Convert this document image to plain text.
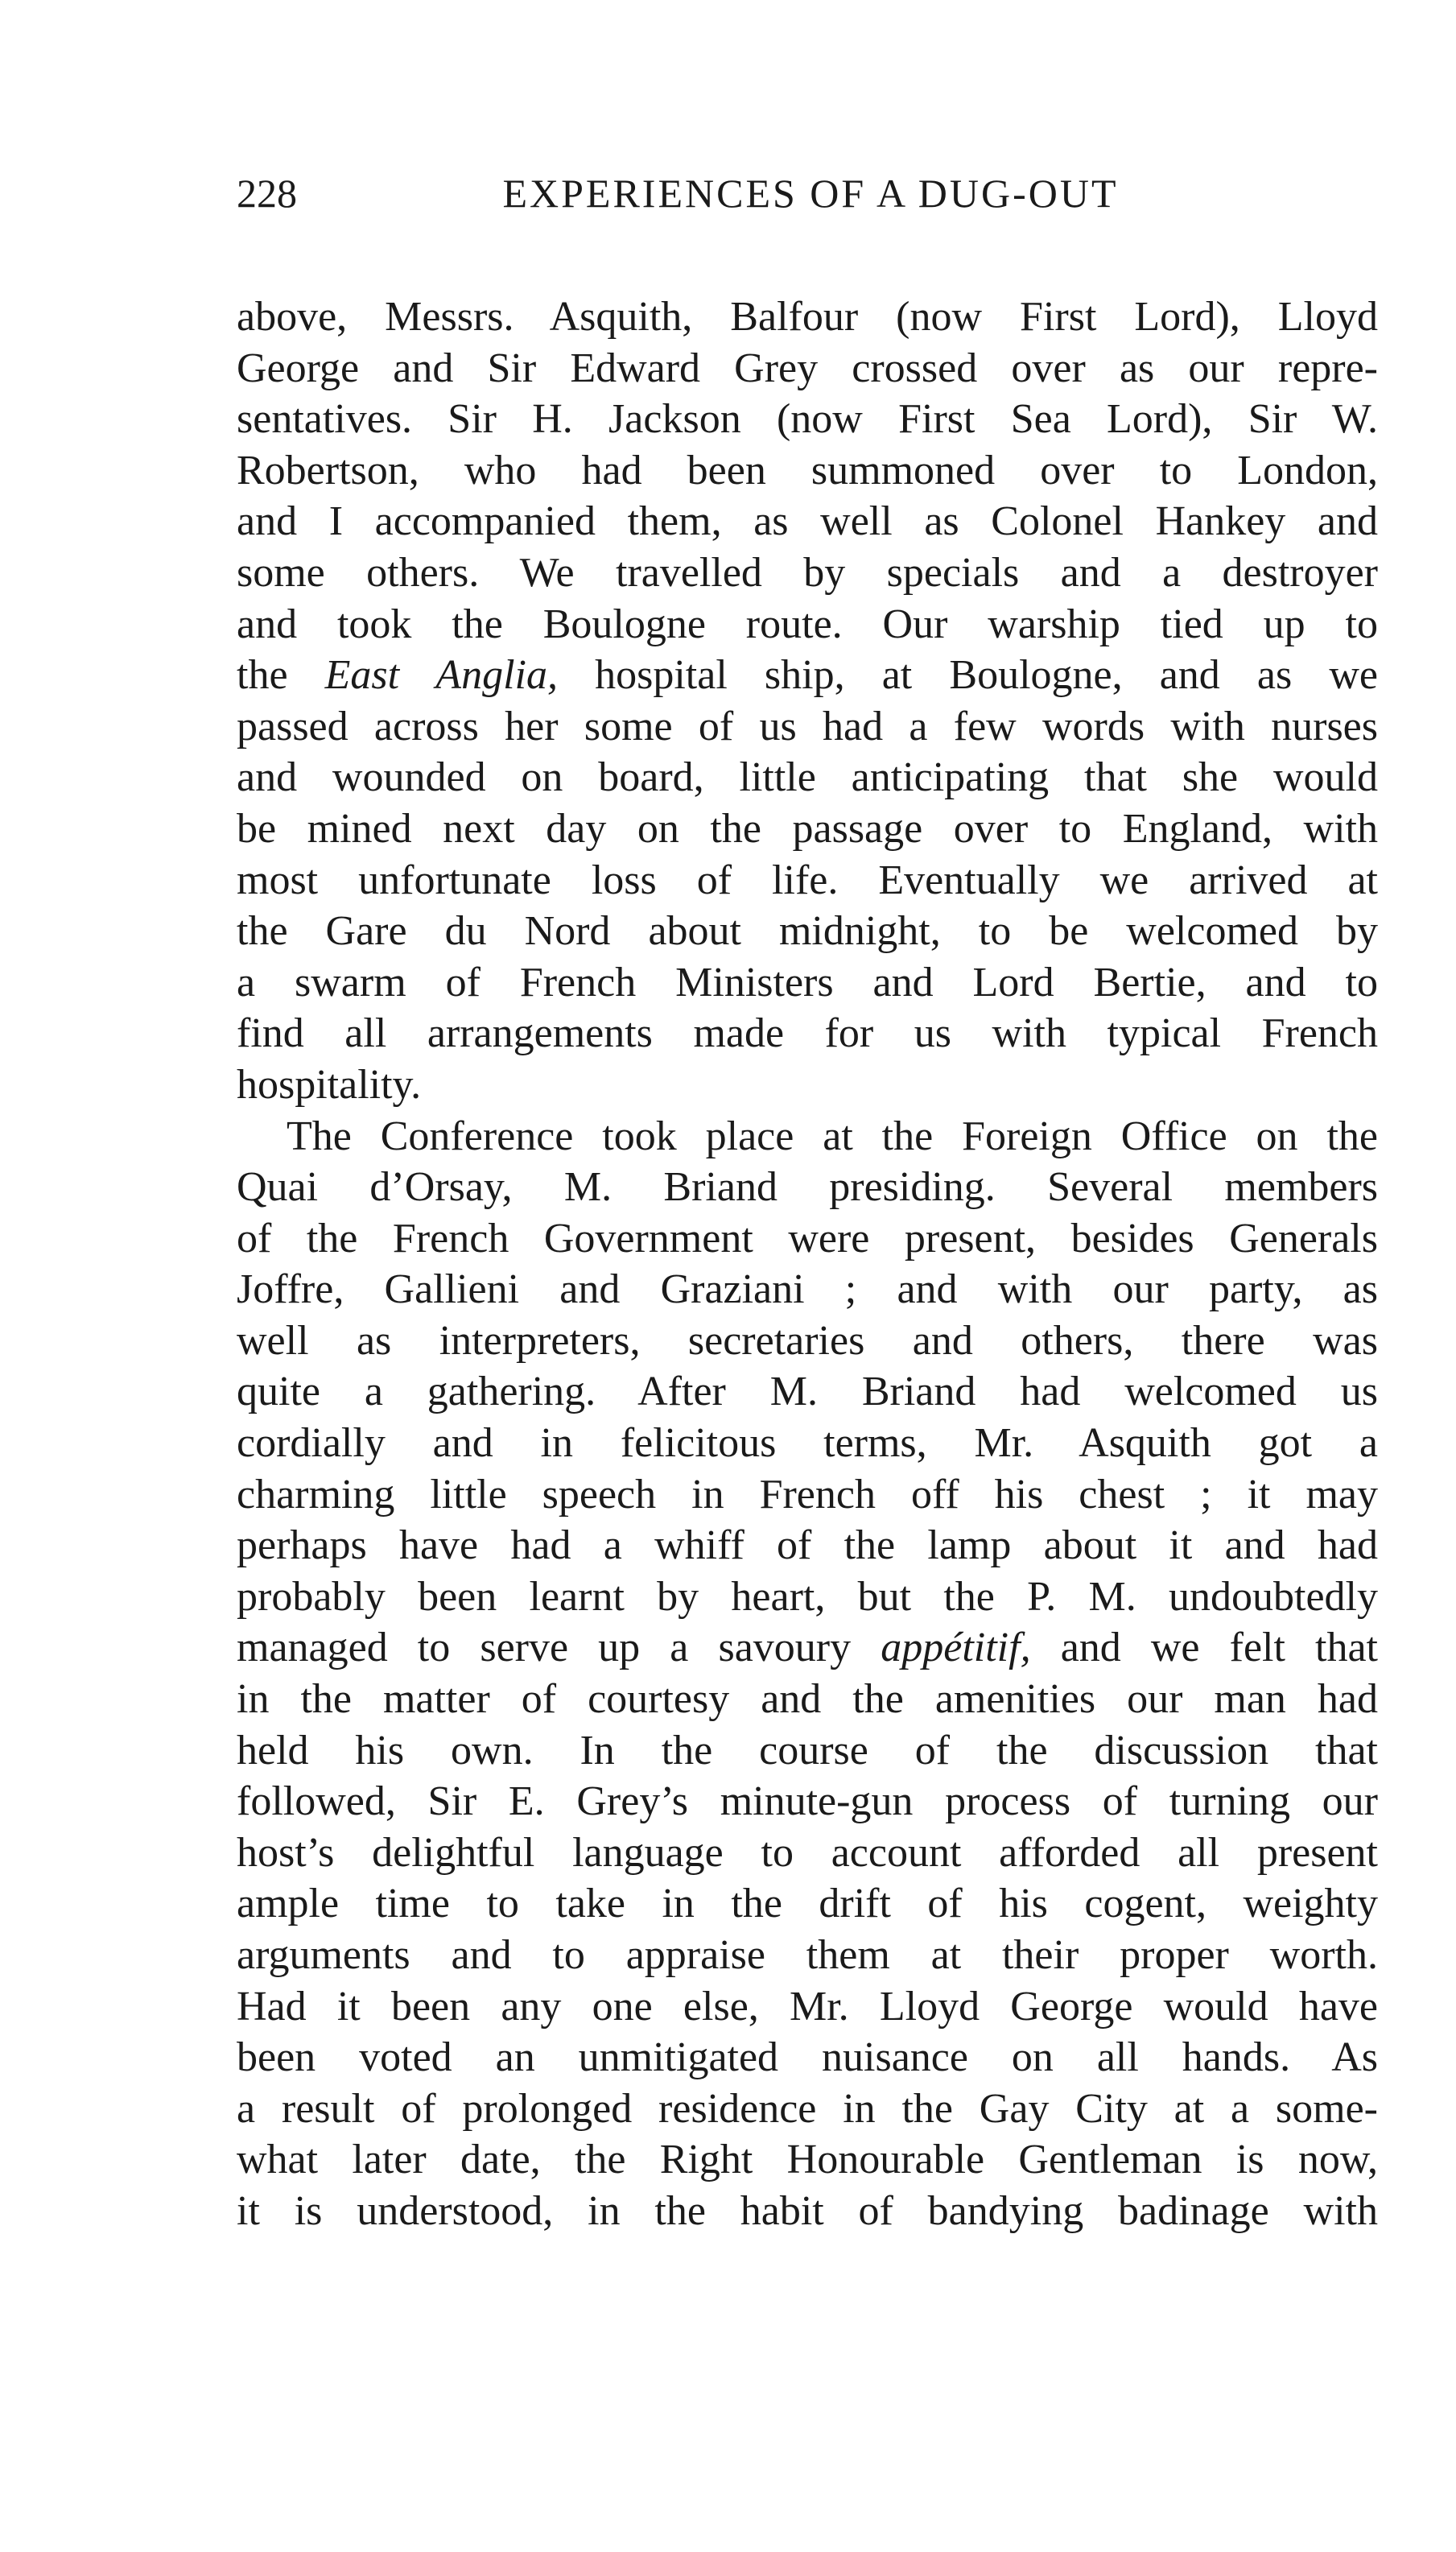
228	EXPERIENCES OF A DUG-OUT
above, Messrs. Asquith, Balfour (now First Lord), Lloyd
George and Sir Edward Grey crossed over as our repre-
sentatives. Sir H. Jackson (now First Sea Lord), Sir W.
Robertson, who had been summoned over to London,
and I accompanied them, as well as Colonel Hankey and
some others. We travelled by specials and a destroyer
and took the Boulogne route. Our warship tied up to
the East Anglia, hospital ship, at Boulogne, and as we
passed across her some of us had a few words with nurses
and wounded on board, little anticipating that she would
be mined next day on the passage over to England, with
most unfortunate loss of life. Eventually we arrived at
the Gare du Nord about midnight, to be welcomed by
a swarm of French Ministers and Lord Bertie, and to
find all arrangements made for us with typical French
hospitality.
The Conference took place at the Foreign Office on the
Quai d’Orsay, M. Briand presiding. Several members
of the French Government were present, besides Generals
Joffre, Gallieni and Graziani ; and with our party, as
well as interpreters, secretaries and others, there was
quite a gathering. After M. Briand had welcomed us
cordially and in felicitous terms, Mr. Asquith got a
charming little speech in French off his chest ; it may
perhaps have had a whiff of the lamp about it and had
probably been learnt by heart, but the P. M. undoubtedly
managed to serve up a savoury appétitif, and we felt that
in the matter of courtesy and the amenities our man had
held his own. In the course of the discussion that
followed, Sir E. Grey’s minute-gun process of turning our
host’s delightful language to account afforded all present
ample time to take in the drift of his cogent, weighty
arguments and to appraise them at their proper worth.
Had it been any one else, Mr. Lloyd George would have
been voted an unmitigated nuisance on all hands. As
a result of prolonged residence in the Gay City at a some-
what later date, the Right Honourable Gentleman is now,
it is understood, in the habit of bandying badinage with
